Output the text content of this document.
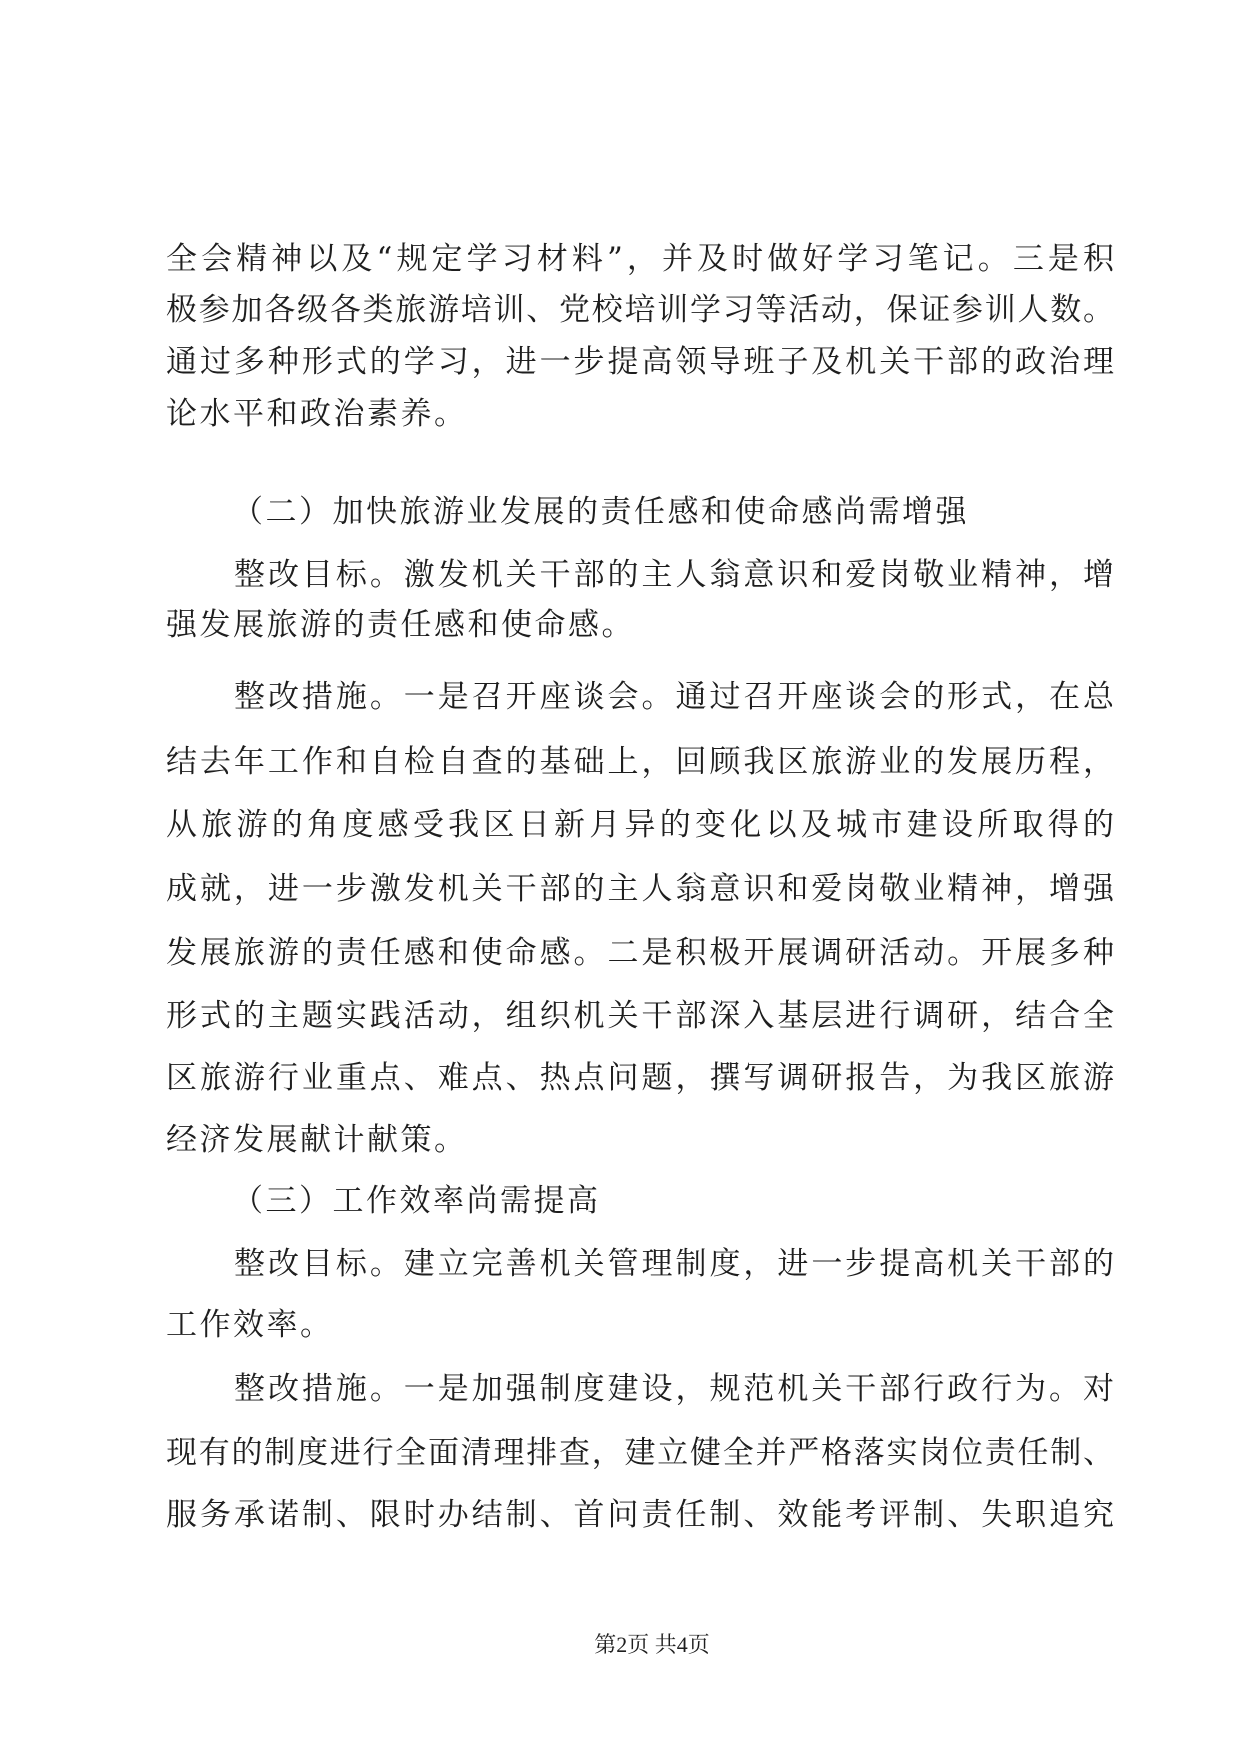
全会精神以及“规定学习材料”，并及时做好学习笔记。三是积
极参加各级各类旅游培训、党校培训学习等活动，保证参训人数。
通过多种形式的学习，进一步提高领导班子及机关干部的政治理
论水平和政治素养。
（二）加快旅游业发展的责任感和使命感尚需增强
整改目标。激发机关干部的主人翁意识和爱岗敬业精神，增
强发展旅游的责任感和使命感。
整改措施。一是召开座谈会。通过召开座谈会的形式，在总
结去年工作和自检自查的基础上，回顾我区旅游业的发展历程，
从旅游的角度感受我区日新月异的变化以及城市建设所取得的
成就，进一步激发机关干部的主人翁意识和爱岗敬业精神，增强
发展旅游的责任感和使命感。二是积极开展调研活动。开展多种
形式的主题实践活动，组织机关干部深入基层进行调研，结合全
区旅游行业重点、难点、热点问题，撰写调研报告，为我区旅游
经济发展献计献策。
（三）工作效率尚需提高
整改目标。建立完善机关管理制度，进一步提高机关干部的
工作效率。
整改措施。一是加强制度建设，规范机关干部行政行为。对
现有的制度进行全面清理排查，建立健全并严格落实岗位责任制、
服务承诺制、限时办结制、首问责任制、效能考评制、失职追究
第2页 共4页
